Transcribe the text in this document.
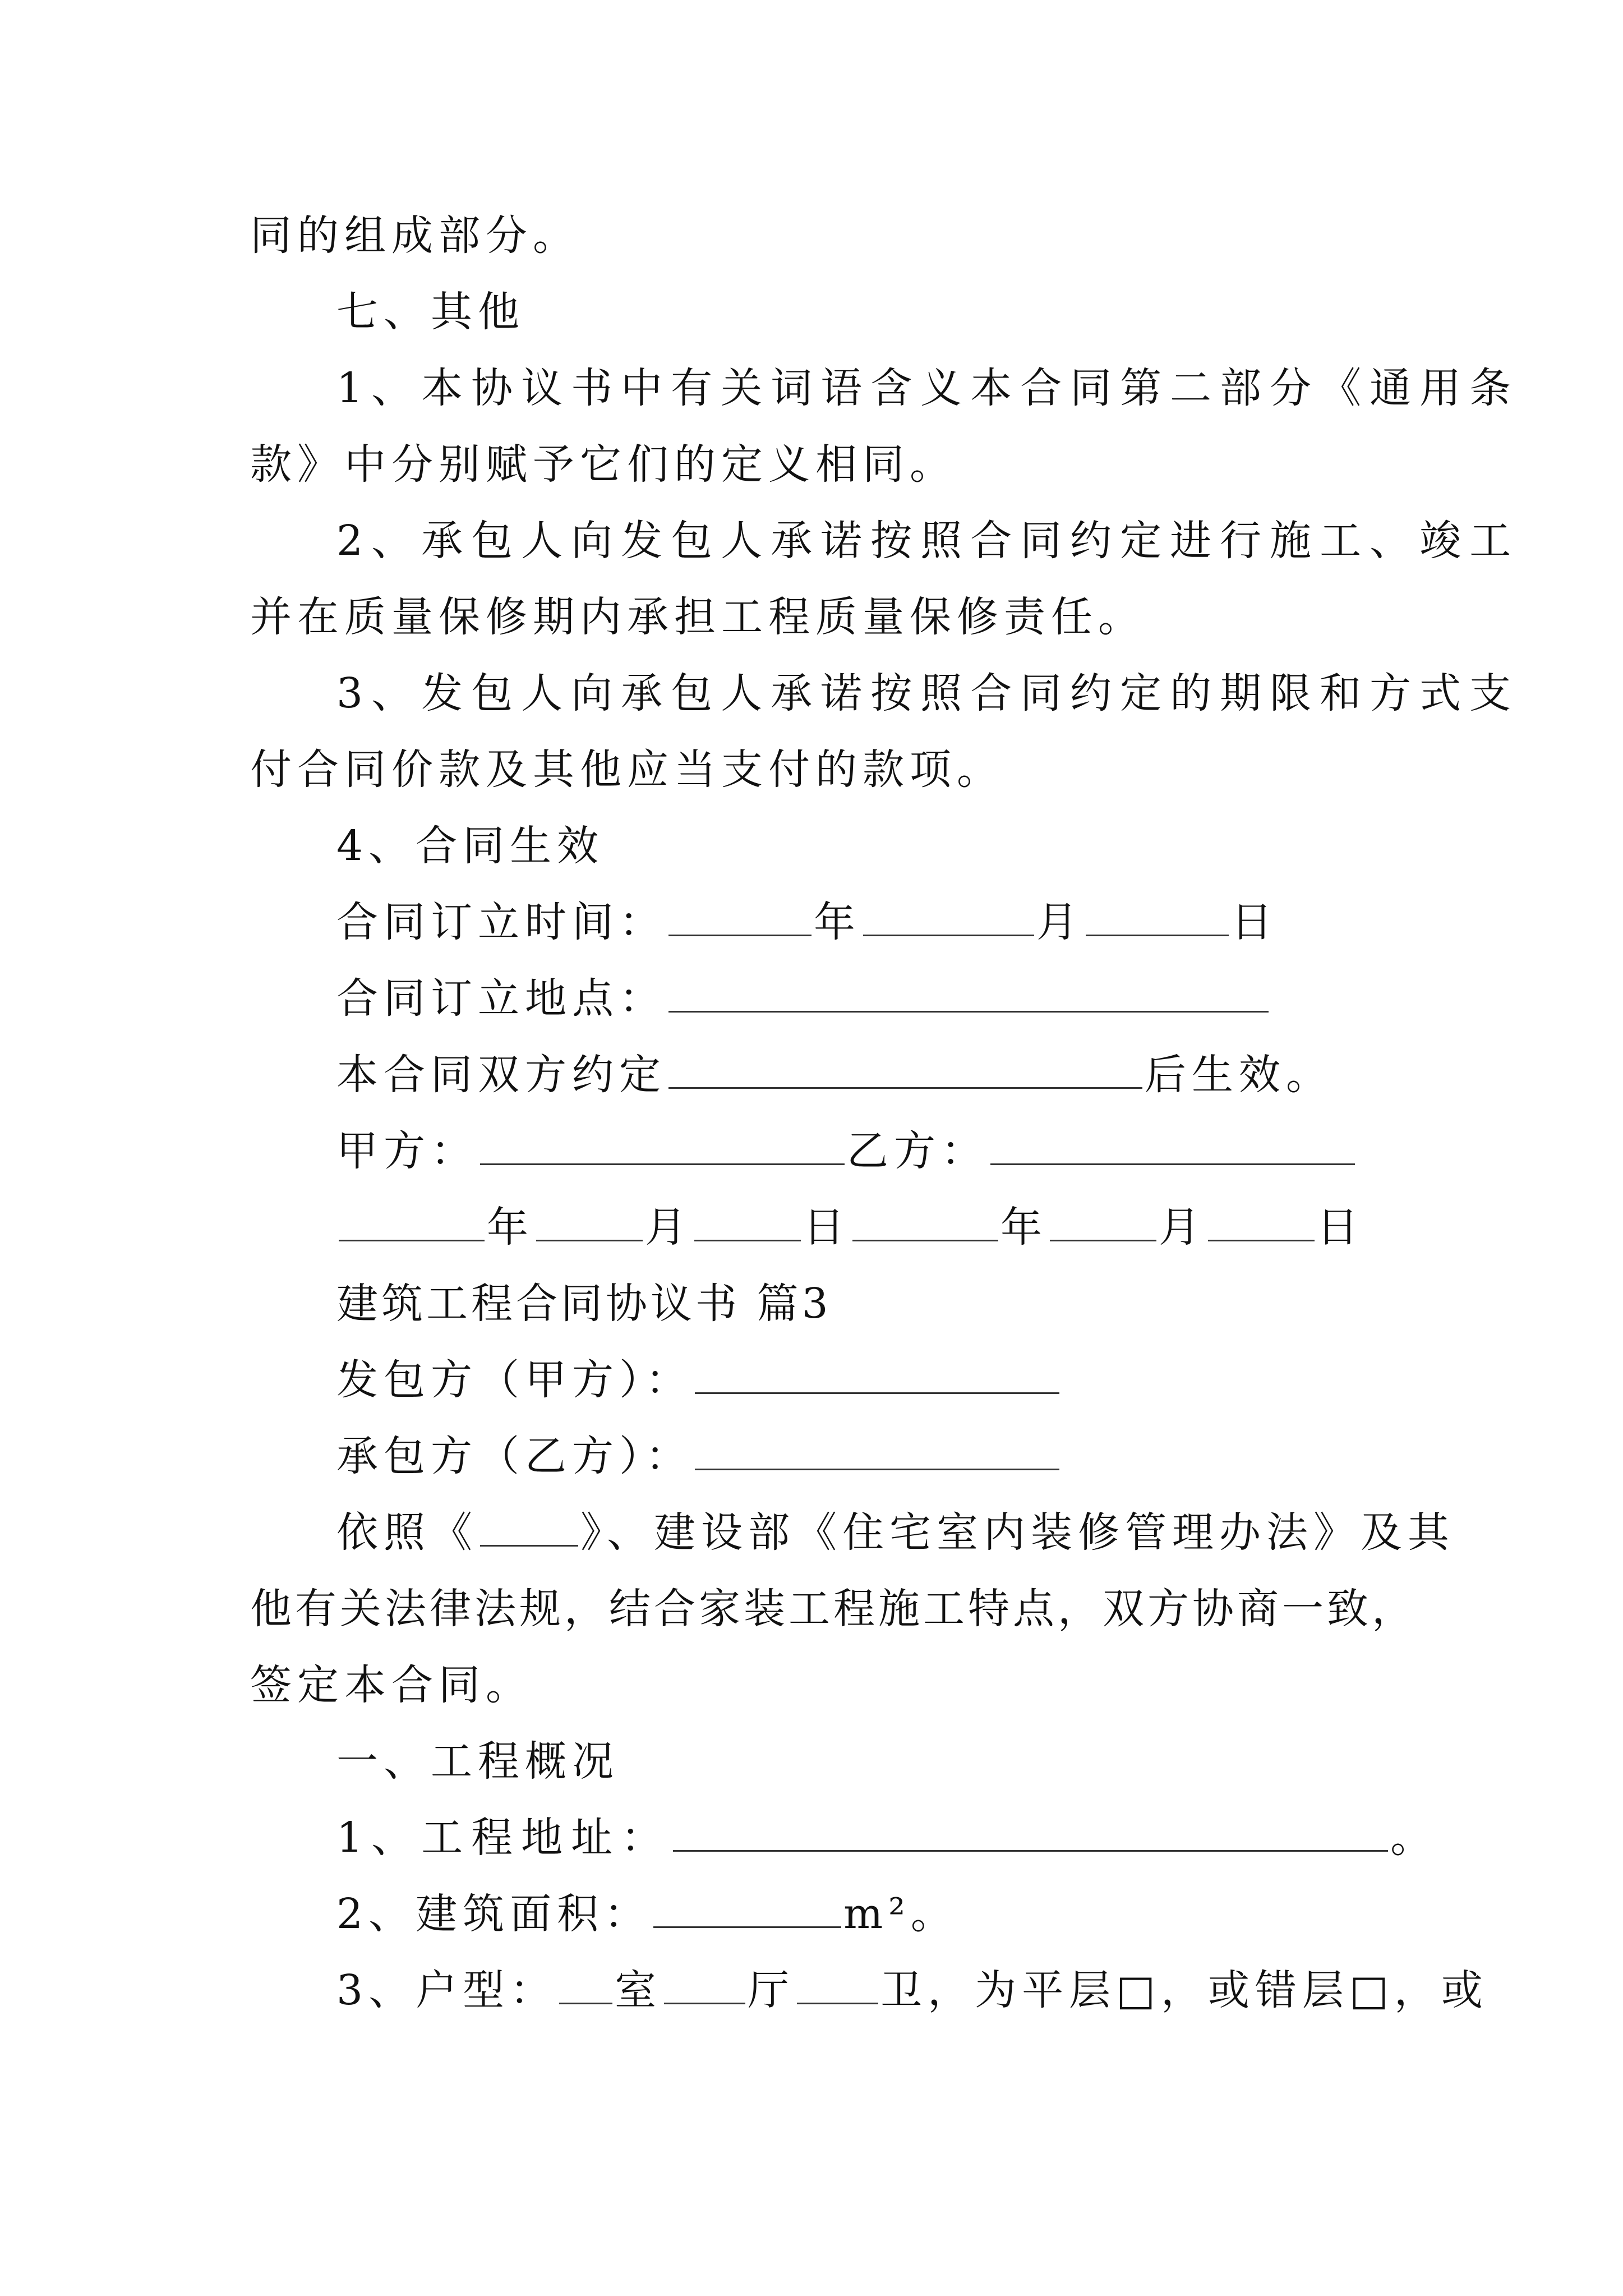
同的组成部分。
七、其他
1、本协议书中有关词语含义本合同第二部分《通用条
款》中分别赋予它们的定义相同。
2、承包人向发包人承诺按照合同约定进行施工、竣工
并在质量保修期内承担工程质量保修责任。
3、发包人向承包人承诺按照合同约定的期限和方式支
付合同价款及其他应当支付的款项。
4、合同生效
合同订立时间：	年	月	日
合同订立地点：
本合同双方约定	后生效。
甲方：	乙方：
年	月	日	年	月	日
建筑工程合同协议书 篇3
发包方（甲方）：
承包方（乙方）：
依照《 》、建设部《住宅室内装修管理办法》及其
他有关法律法规，结合家装工程施工特点，双方协商一致，
签定本合同。
一、工程概况
1、工程地址：	。
2、建筑面积：	m²。
3、户型： 室 厅 卫，为平层□，或错层□，或
